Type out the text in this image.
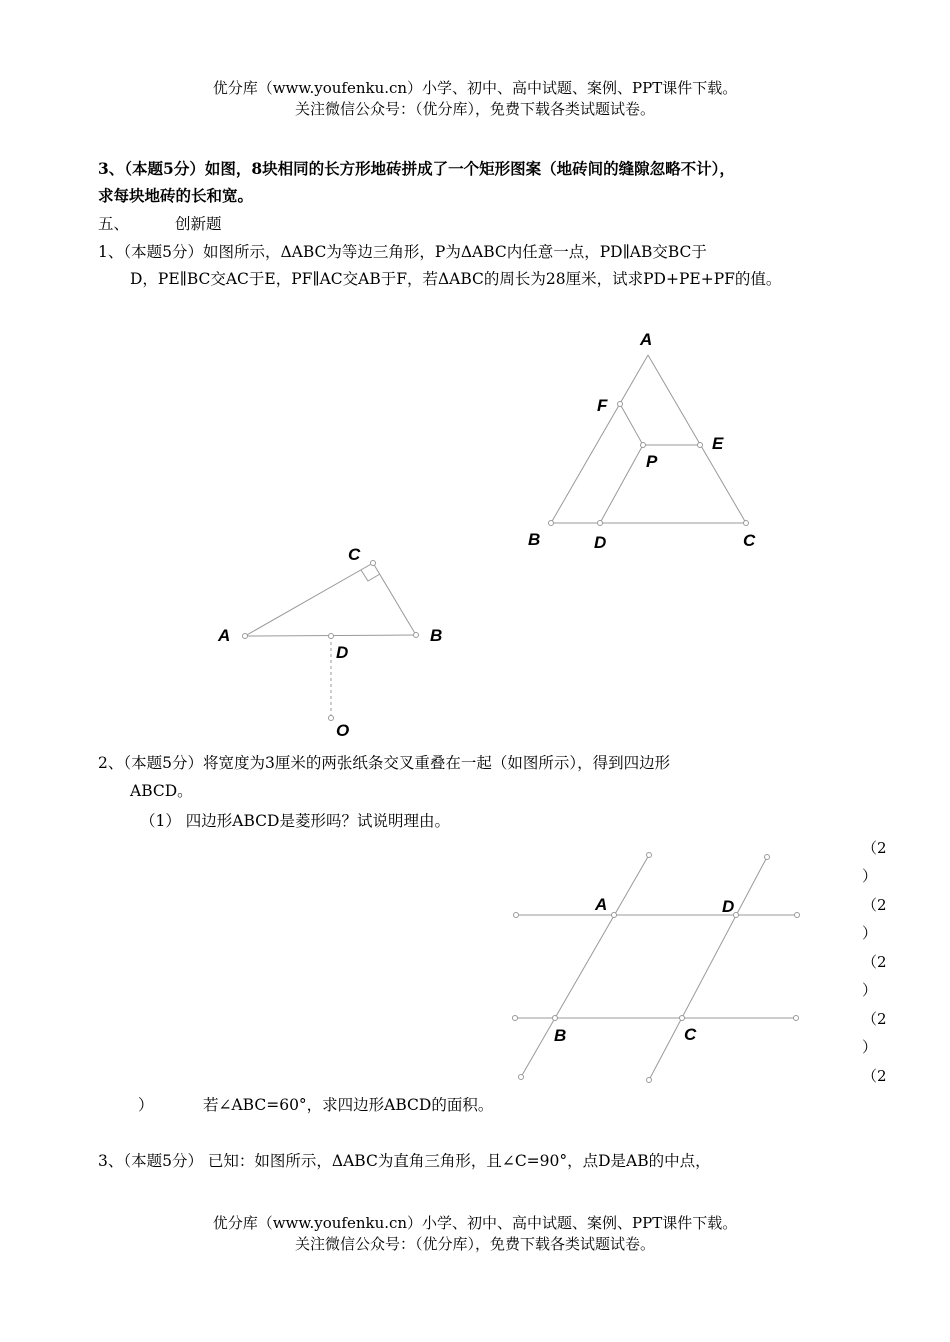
优分库（www.youfenku.cn）小学、初中、高中试题、案例、PPT课件下载。
关注微信公众号：（优分库），免费下载各类试题试卷。
3、（本题5分）如图，8块相同的长方形地砖拼成了一个矩形图案（地砖间的缝隙忽略不计），
求每块地砖的长和宽。
五、	创新题
1、（本题5分）如图所示，ΔABC为等边三角形，P为ΔABC内任意一点，PD∥AB交BC于
D，PE∥BC交AC于E，PF∥AC交AB于F，若ΔABC的周长为28厘米，试求PD+PE+PF的值。
A
F
E
P
B	D	C
C
A	B
D
O
A	D
B	C
2、（本题5分）将宽度为3厘米的两张纸条交叉重叠在一起（如图所示），得到四边形
ABCD。
（1） 四边形ABCD是菱形吗？试说明理由。
（2
）
（2
）
（2
）
（2
）
（2
）	若∠ABC=60°，求四边形ABCD的面积。
3、（本题5分） 已知：如图所示，ΔABC为直角三角形，且∠C=90°，点D是AB的中点，
优分库（www.youfenku.cn）小学、初中、高中试题、案例、PPT课件下载。
关注微信公众号：（优分库），免费下载各类试题试卷。
